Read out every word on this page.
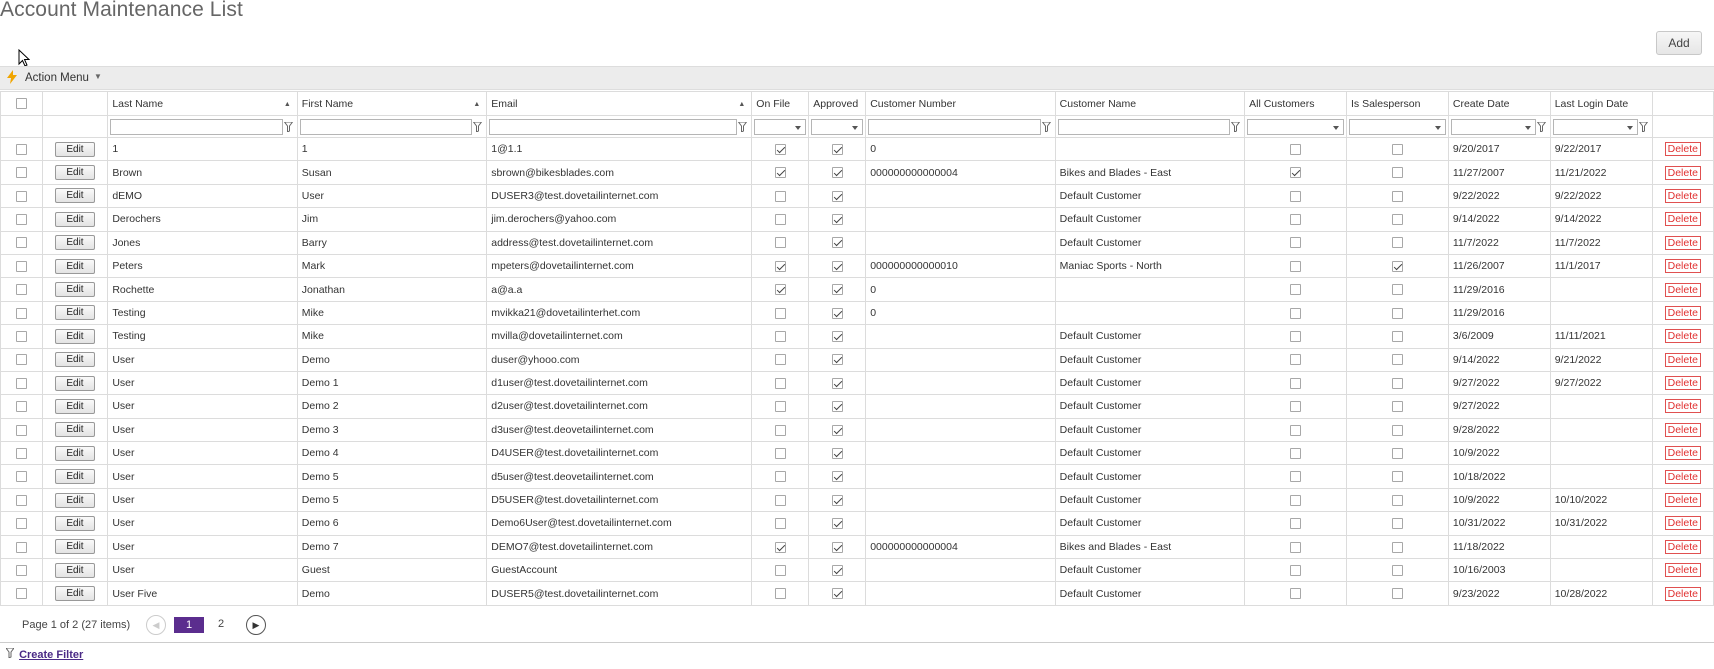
Account Maintenance List
Add
Action Menu ▼
		Last Name ▲	First Name ▲	Email ▲	On File	Approved	Customer Number	Customer Name	All Customers	Is Salesperson	Create Date	Last Login Date	

	Edit	1	1	1@1.1			0				9/20/2017	9/22/2017	Delete
	Edit	Brown	Susan	sbrown@bikesblades.com			000000000000004	Bikes and Blades - East			11/27/2007	11/21/2022	Delete
	Edit	dEMO	User	DUSER3@test.dovetailinternet.com				Default Customer			9/22/2022	9/22/2022	Delete
	Edit	Derochers	Jim	jim.derochers@yahoo.com				Default Customer			9/14/2022	9/14/2022	Delete
	Edit	Jones	Barry	address@test.dovetailinternet.com				Default Customer			11/7/2022	11/7/2022	Delete
	Edit	Peters	Mark	mpeters@dovetailinternet.com			000000000000010	Maniac Sports - North			11/26/2007	11/1/2017	Delete
	Edit	Rochette	Jonathan	a@a.a			0				11/29/2016		Delete
	Edit	Testing	Mike	mvikka21@dovetailinterhet.com			0				11/29/2016		Delete
	Edit	Testing	Mike	mvilla@dovetailinternet.com				Default Customer			3/6/2009	11/11/2021	Delete
	Edit	User	Demo	duser@yhooo.com				Default Customer			9/14/2022	9/21/2022	Delete
	Edit	User	Demo 1	d1user@test.dovetailinternet.com				Default Customer			9/27/2022	9/27/2022	Delete
	Edit	User	Demo 2	d2user@test.dovetailinternet.com				Default Customer			9/27/2022		Delete
	Edit	User	Demo 3	d3user@test.deovetailinternet.com				Default Customer			9/28/2022		Delete
	Edit	User	Demo 4	D4USER@test.dovetailinternet.com				Default Customer			10/9/2022		Delete
	Edit	User	Demo 5	d5user@test.deovetailinternet.com				Default Customer			10/18/2022		Delete
	Edit	User	Demo 5	D5USER@test.dovetailinternet.com				Default Customer			10/9/2022	10/10/2022	Delete
	Edit	User	Demo 6	Demo6User@test.dovetailinternet.com				Default Customer			10/31/2022	10/31/2022	Delete
	Edit	User	Demo 7	DEMO7@test.dovetailinternet.com			000000000000004	Bikes and Blades - East			11/18/2022		Delete
	Edit	User	Guest	GuestAccount				Default Customer			10/16/2003		Delete
	Edit	User Five	Demo	DUSER5@test.dovetailinternet.com				Default Customer			9/23/2022	10/28/2022	Delete
Page 1 of 2 (27 items)	◀	1	2	▶
Create Filter
